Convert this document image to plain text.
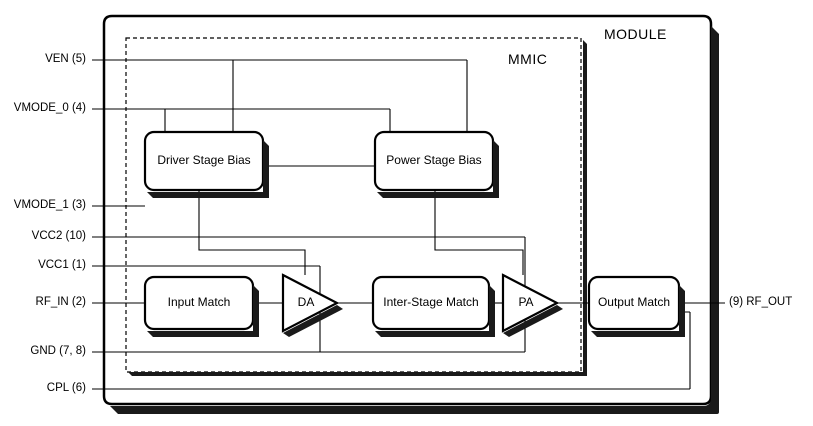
MODULE
MMIC
VEN (5)
VMODE_0 (4)
VMODE_1 (3)
VCC2 (10)
VCC1 (1)
RF_IN (2)
GND (7, 8)
CPL (6)
(9) RF_OUT
Driver Stage Bias	Power Stage Bias
Input Match	Inter-Stage Match	Output Match
DA	PA
